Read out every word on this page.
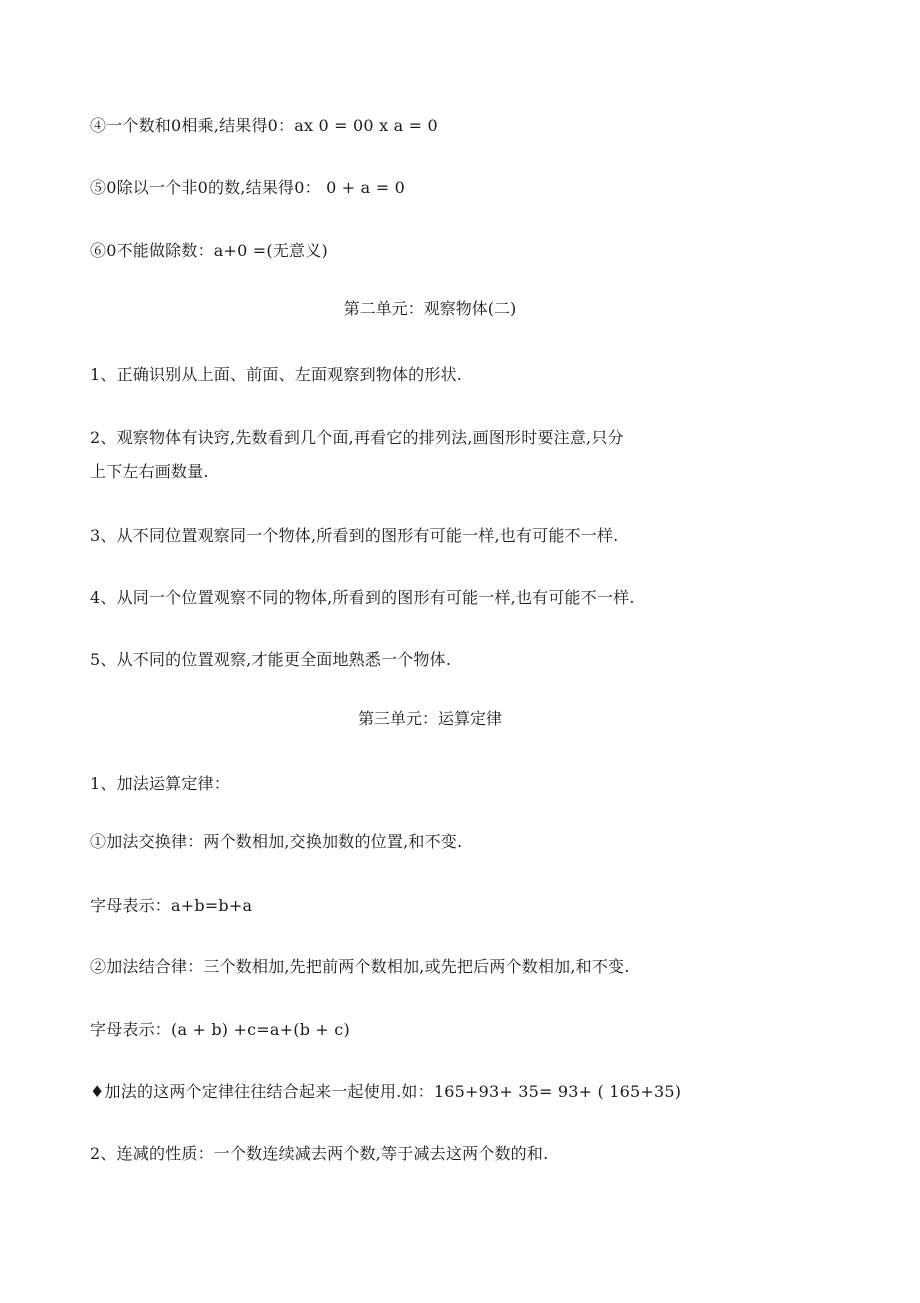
④一个数和0相乘,结果得0：ax 0 = 00 x a = 0
⑤0除以一个非0的数,结果得0： 0 + a = 0
⑥0不能做除数：a+0 =(无意义)
第二单元：观察物体(二)
1、正确识别从上面、前面、左面观察到物体的形状.
2、观察物体有诀窍,先数看到几个面,再看它的排列法,画图形时要注意,只分
上下左右画数量.
3、从不同位置观察同一个物体,所看到的图形有可能一样,也有可能不一样.
4、从同一个位置观察不同的物体,所看到的图形有可能一样,也有可能不一样.
5、从不同的位置观察,才能更全面地熟悉一个物体.
第三单元：运算定律
1、加法运算定律：
①加法交换律：两个数相加,交换加数的位置,和不变.
字母表示：a+b=b+a
②加法结合律：三个数相加,先把前两个数相加,或先把后两个数相加,和不变.
字母表示：(a + b) +c=a+(b + c)
♦加法的这两个定律往往结合起来一起使用.如：165+93+ 35= 93+ ( 165+35)
2、连减的性质：一个数连续减去两个数,等于减去这两个数的和.
